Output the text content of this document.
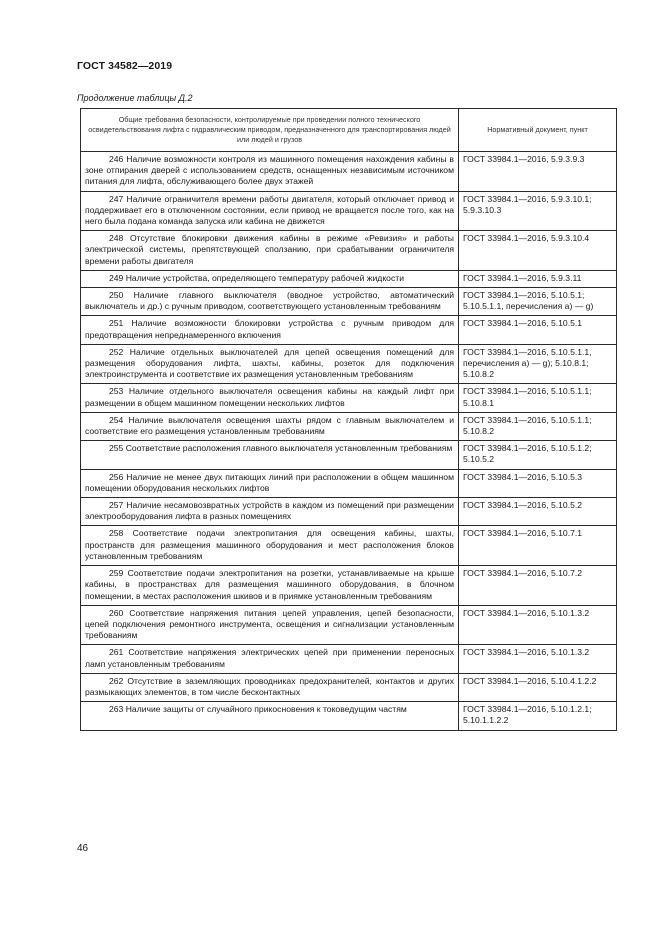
ГОСТ 34582—2019
Продолжение таблицы Д.2
Общие требования безопасности, контролируемые при проведении полного технического освидетельствования лифта с гидравлическим приводом, предназначенного для транспортирования людей или людей и грузов	Нормативный документ, пункт
246 Наличие возможности контроля из машинного помещения нахождения кабины в зоне отпирания дверей с использованием средств, оснащенных независимым источником питания для лифта, обслуживающего более двух этажей	ГОСТ 33984.1—2016, 5.9.3.9.3
247 Наличие ограничителя времени работы двигателя, который отключает привод и поддерживает его в отключенном состоянии, если привод не вращается после того, как на него была подана команда запуска или кабина не движется	ГОСТ 33984.1—2016, 5.9.3.10.1; 5.9.3.10.3
248 Отсутствие блокировки движения кабины в режиме «Ревизия» и работы электрической системы, препятствующей сползанию, при срабатывании ограничителя времени работы двигателя	ГОСТ 33984.1—2016, 5.9.3.10.4
249 Наличие устройства, определяющего температуру рабочей жидкости	ГОСТ 33984.1—2016, 5.9.3.11
250 Наличие главного выключателя (вводное устройство, автоматический выключатель и др.) с ручным приводом, соответствующего установленным требованиям	ГОСТ 33984.1—2016, 5.10.5.1; 5.10.5.1.1, перечисления а) — g)
251 Наличие возможности блокировки устройства с ручным приводом для предотвращения непреднамеренного включения	ГОСТ 33984.1—2016, 5.10.5.1
252 Наличие отдельных выключателей для цепей освещения помещений для размещения оборудования лифта, шахты, кабины, розеток для подключения электроинструмента и соответствие их размещения установленным требованиям	ГОСТ 33984.1—2016, 5.10.5.1.1, перечисления а) — g); 5.10.8.1; 5.10.8.2
253 Наличие отдельного выключателя освещения кабины на каждый лифт при размещении в общем машинном помещении нескольких лифтов	ГОСТ 33984.1—2016, 5.10.5.1.1; 5.10.8.1
254 Наличие выключателя освещения шахты рядом с главным выключателем и соответствие его размещения установленным требованиям	ГОСТ 33984.1—2016, 5.10.5.1.1; 5.10.8.2
255 Соответствие расположения главного выключателя установленным требованиям	ГОСТ 33984.1—2016, 5.10.5.1.2; 5.10.5.2
256 Наличие не менее двух питающих линий при расположении в общем машинном помещении оборудования нескольких лифтов	ГОСТ 33984.1—2016, 5.10.5.3
257 Наличие несамовозвратных устройств в каждом из помещений при размещении электрооборудования лифта в разных помещениях	ГОСТ 33984.1—2016, 5.10.5.2
258 Соответствие подачи электропитания для освещения кабины, шахты, пространств для размещения машинного оборудования и мест расположения блоков установленным требованиям	ГОСТ 33984.1—2016, 5.10.7.1
259 Соответствие подачи электропитания на розетки, устанавливаемые на крыше кабины, в пространствах для размещения машинного оборудования, в блочном помещении, в местах расположения шкивов и в приямке установленным требованиям	ГОСТ 33984.1—2016, 5.10.7.2
260 Соответствие напряжения питания цепей управления, цепей безопасности, цепей подключения ремонтного инструмента, освещения и сигнализации установленным требованиям	ГОСТ 33984.1—2016, 5.10.1.3.2
261 Соответствие напряжения электрических цепей при применении переносных ламп установленным требованиям	ГОСТ 33984.1—2016, 5.10.1.3.2
262 Отсутствие в заземляющих проводниках предохранителей, контактов и других размыкающих элементов, в том числе бесконтактных	ГОСТ 33984.1—2016, 5.10.4.1.2.2
263 Наличие защиты от случайного прикосновения к токоведущим частям	ГОСТ 33984.1—2016, 5.10.1.2.1; 5.10.1.1.2.2
46
